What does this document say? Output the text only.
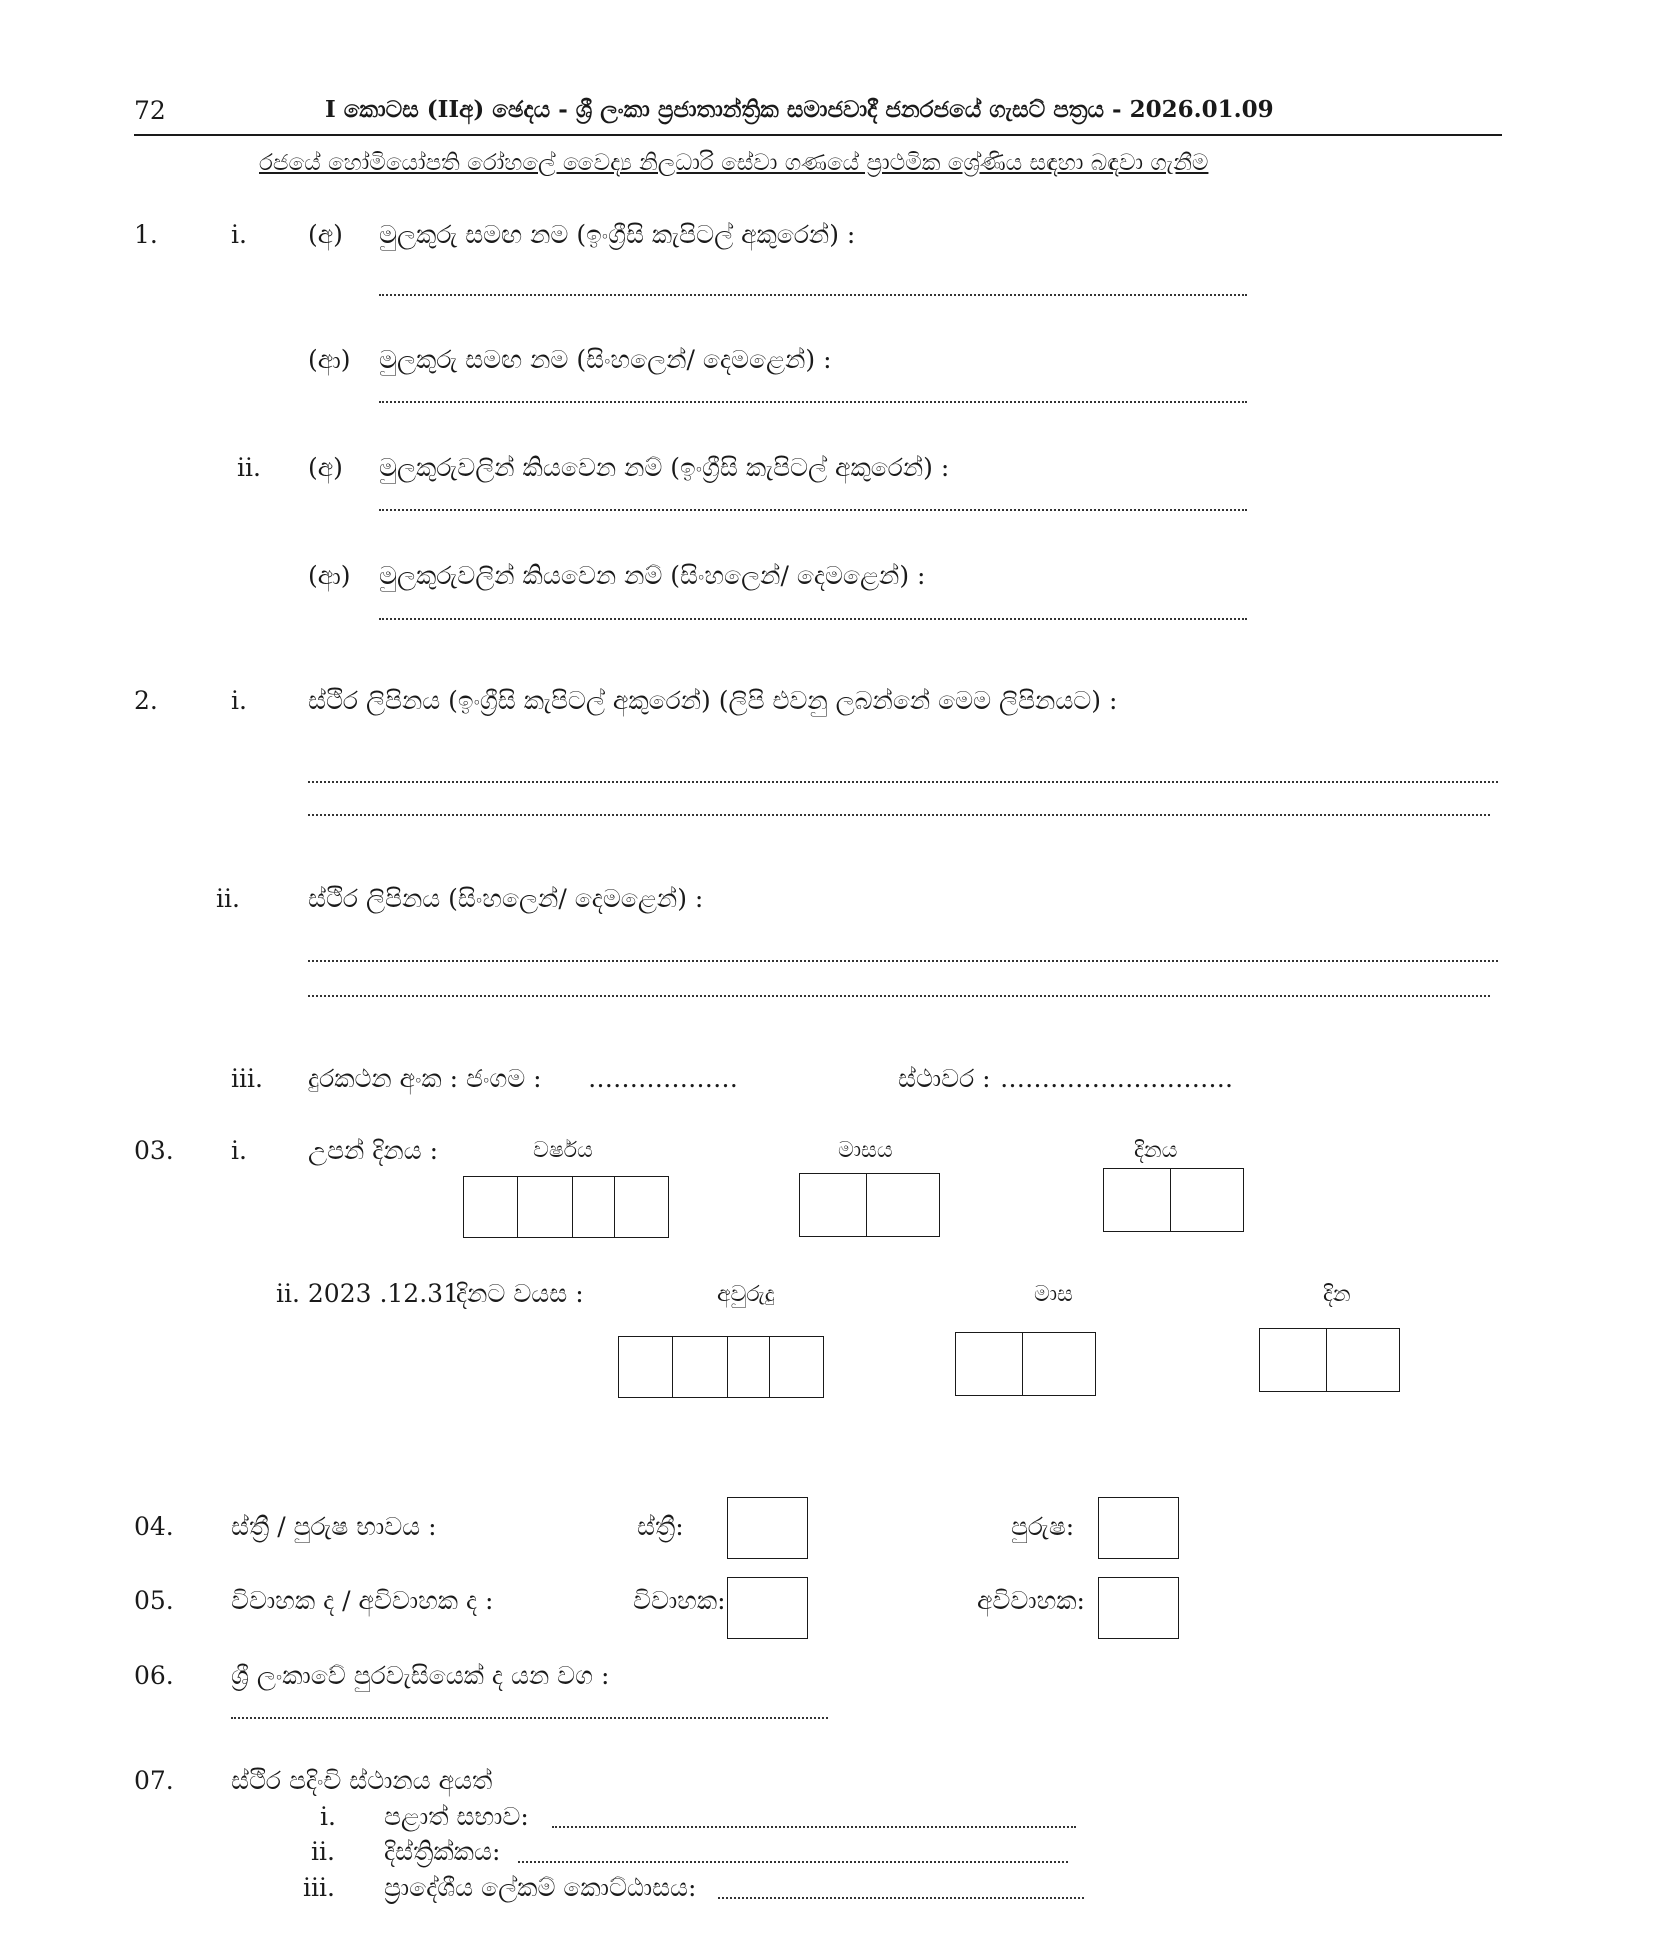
72	I කොටස (IIඅ) ඡෙදය - ශ්‍රී ලංකා ප්‍රජාතාන්ත්‍රික සමාජවාදී ජනරජයේ ගැසට් පත්‍රය - 2026.01.09
රජයේ හෝමියෝපති රෝහලේ වෛද්‍ය නිලධාරි සේවා ගණයේ ප්‍රාථමික ශ්‍රේණිය සඳහා බඳවා ගැනීම
1.	i. (අ) මුලකුරු සමඟ නම (ඉංග්‍රීසි කැපිටල් අකුරෙන්) :
(ආ) මුලකුරු සමඟ නම (සිංහලෙන්/ දෙමළෙන්) :
ii. (අ) මුලකුරුවලින් කියවෙන නම් (ඉංග්‍රීසි කැපිටල් අකුරෙන්) :
(ආ) මුලකුරුවලින් කියවෙන නම් (සිංහලෙන්/ දෙමළෙන්) :
2.	i. ස්ථිර ලිපිනය (ඉංග්‍රීසි කැපිටල් අකුරෙන්) (ලිපි එවනු ලබන්නේ මෙම ලිපිනයට) :
ii.	ස්ථිර ලිපිනය (සිංහලෙන්/ දෙමළෙන්) :
iii. දුරකථන අංක : ජංගම : ………………	ස්ථාවර : ……………………….
03. i. උපන් දිනය :	වර්ෂය	මාසය	දිනය
ii. 2023 .12.31
දිනට වයස :	අවුරුදු	මාස	දින
04. ස්ත්‍රී / පුරුෂ භාවය :	ස්ත්‍රී:	පුරුෂ:
05. විවාහක ද / අවිවාහක ද :	විවාහක:	අවිවාහක:
06. ශ්‍රී ලංකාවේ පුරවැසියෙක් ද යන වග :
07. ස්ථිර පදිංචි ස්ථානය අයත්
i. පළාත් සභාව:
ii. දිස්ත්‍රික්කය:
iii. ප්‍රාදේශීය ලේකම් කොට්ඨාසය:
